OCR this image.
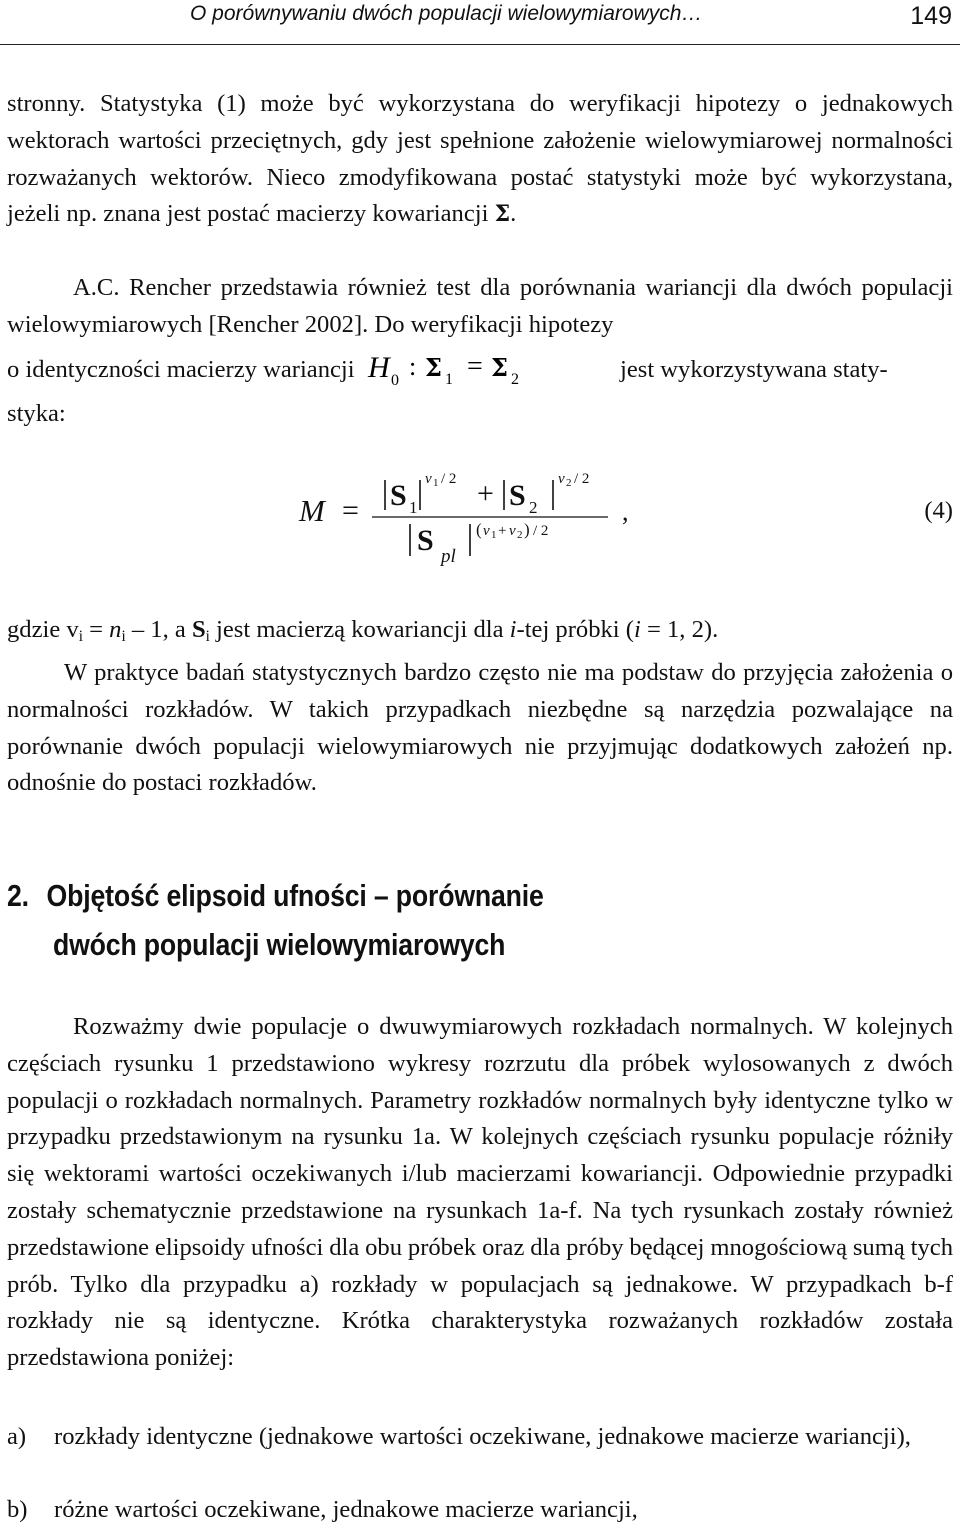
O porównywaniu dwóch populacji wielowymiarowych…	149
stronny. Statystyka (1) może być wykorzystana do weryfikacji hipotezy o jednakowych wektorach wartości przeciętnych, gdy jest spełnione założenie wielowymiarowej normalności rozważanych wektorów. Nieco zmodyfikowana postać statystyki może być wykorzystana, jeżeli np. znana jest postać macierzy kowariancji Σ.
A.C. Rencher przedstawia również test dla porównania wariancji dla dwóch populacji wielowymiarowych [Rencher 2002]. Do weryfikacji hipotezy
o identyczności macierzy wariancji H 0 : Σ 1 = Σ 2	jest wykorzystywana staty-
styka:
M = S 1
v 1 / 2 + S 2
v 2 / 2
S pl
( v 1 + v 2 ) / 2
,	(4)
gdzie $v_i = n_i - 1$, a $S_i$ jest macierzą kowariancji dla i-tej próbki (i = 1, 2).
W praktyce badań statystycznych bardzo często nie ma podstaw do przyjęcia założenia o normalności rozkładów. W takich przypadkach niezbędne są narzędzia pozwalające na porównanie dwóch populacji wielowymiarowych nie przyjmując dodatkowych założeń np. odnośnie do postaci rozkładów.
2. Objętość elipsoid ufności – porównanie
dwóch populacji wielowymiarowych
Rozważmy dwie populacje o dwuwymiarowych rozkładach normalnych. W kolejnych częściach rysunku 1 przedstawiono wykresy rozrzutu dla próbek wylosowanych z dwóch populacji o rozkładach normalnych. Parametry rozkładów normalnych były identyczne tylko w przypadku przedstawionym na rysunku 1a. W kolejnych częściach rysunku populacje różniły się wektorami wartości oczekiwanych i/lub macierzami kowariancji. Odpowiednie przypadki zostały schematycznie przedstawione na rysunkach 1a-f. Na tych rysunkach zostały również przedstawione elipsoidy ufności dla obu próbek oraz dla próby będącej mnogościową sumą tych prób. Tylko dla przypadku a) rozkłady w populacjach są jednakowe. W przypadkach b-f rozkłady nie są identyczne. Krótka charakterystyka rozważanych rozkładów została przedstawiona poniżej:
a) rozkłady identyczne (jednakowe wartości oczekiwane, jednakowe macierze wariancji),
b) różne wartości oczekiwane, jednakowe macierze wariancji,
